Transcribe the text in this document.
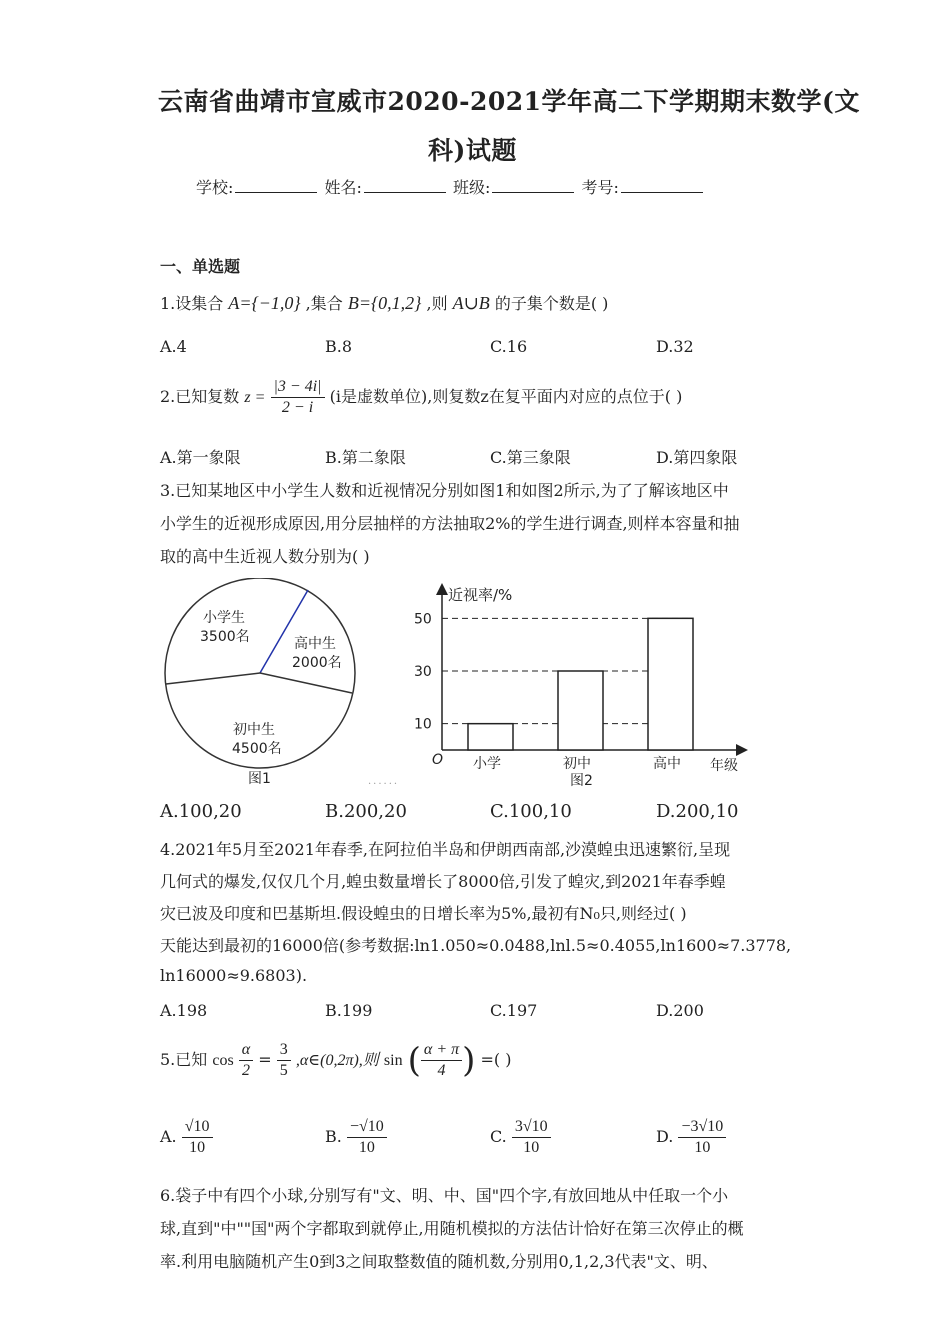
云南省曲靖市宣威市2020-2021学年高二下学期期末数学(文
科)试题
学校:	姓名:	班级:	考号:
一、单选题
1.设集合 A={−1,0} ,集合 B={0,1,2} ,则 A∪B 的子集个数是( )
A.4	B.8	C.16	D.32
2.已知复数 $z = \frac{|3 - 4i|}{2 - i} (i$是虚数单位),则复数z在复平面内对应的点位于( )
A.第一象限	B.第二象限	C.第三象限	D.第四象限
3.已知某地区中小学生人数和近视情况分别如图1和如图2所示,为了了解该地区中
小学生的近视形成原因,用分层抽样的方法抽取2%的学生进行调查,则样本容量和抽
取的高中生近视人数分别为( )
小学生
3500名	高中生
2000名
初中生
4500名
图1
近视率/%
年级
O
10
30
50
小学	初中	高中
图2
......
A.100,20	B.200,20	C.100,10	D.200,10
4.2021年5月至2021年春季,在阿拉伯半岛和伊朗西南部,沙漠蝗虫迅速繁衍,呈现
几何式的爆发,仅仅几个月,蝗虫数量增长了8000倍,引发了蝗灾,到2021年春季蝗
灾已波及印度和巴基斯坦.假设蝗虫的日增长率为5%,最初有N₀只,则经过( )
天能达到最初的16000倍(参考数据:ln1.050≈0.0488,lnl.5≈0.4055,ln1600≈7.3778,
ln16000≈9.6803).
A.198	B.199	C.197	D.200
5.已知 $\cos \frac{\alpha}{2} = \frac{3}{5}$ ,α∈(0,2π),则 sin ( $\frac{\alpha + \pi}{4}$ ) =( )
A. $\frac{√10}{10}$	B. $\frac{-√10}{10}$	C. $\frac{3√10}{10}$	D. $\frac{-3√10}{10}$
6.袋子中有四个小球,分别写有"文、明、中、国"四个字,有放回地从中任取一个小
球,直到"中""国"两个字都取到就停止,用随机模拟的方法估计恰好在第三次停止的概
率.利用电脑随机产生0到3之间取整数值的随机数,分别用0,1,2,3代表"文、明、
